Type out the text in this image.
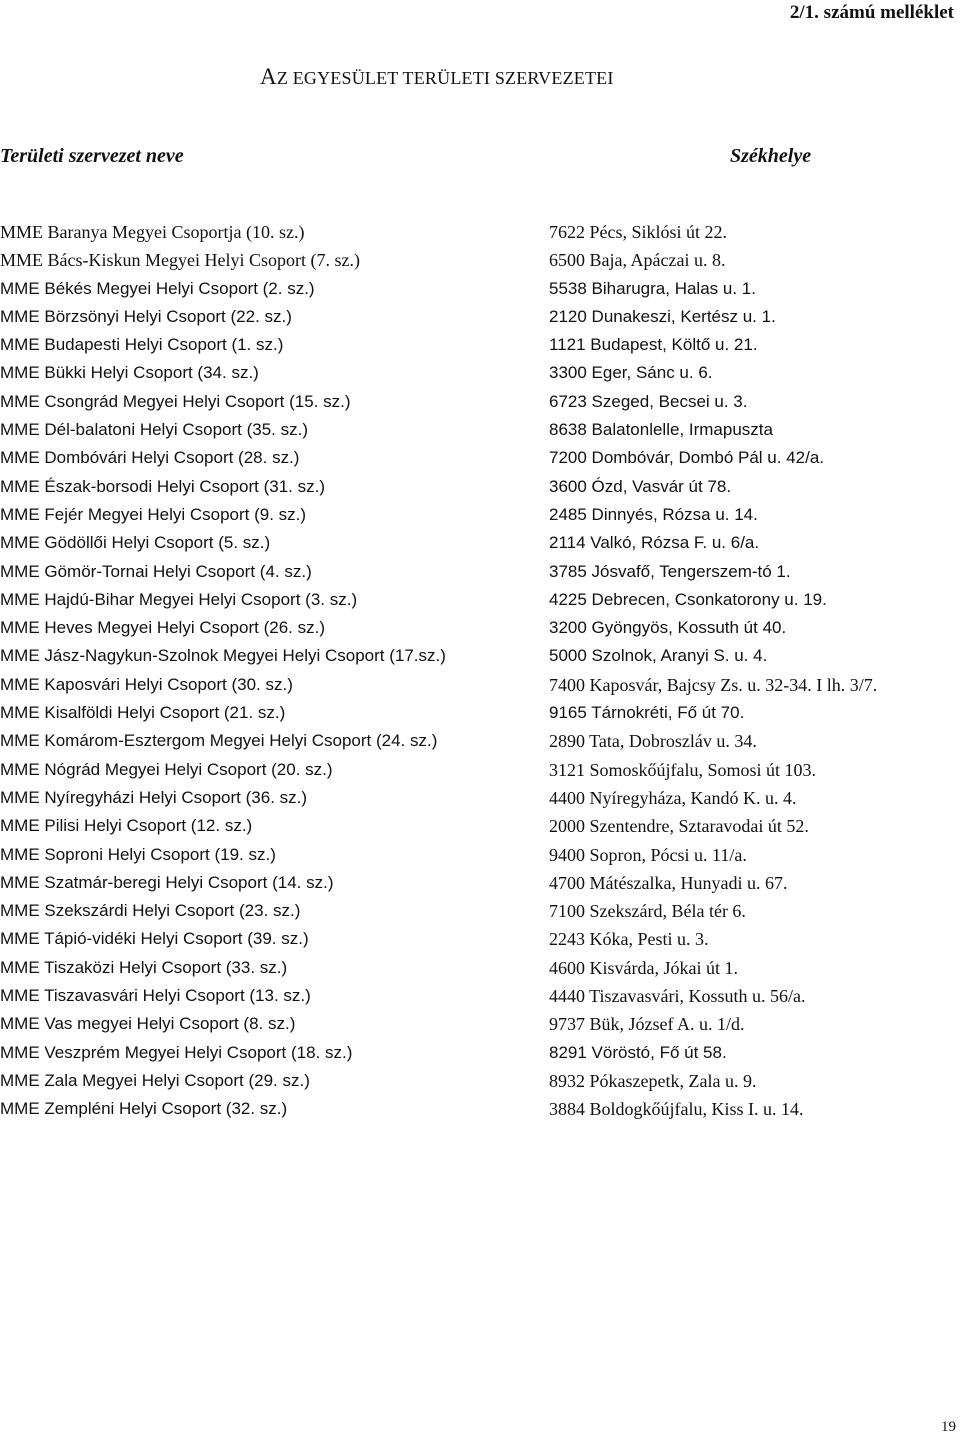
2/1. számú melléklet
AZ EGYESÜLET TERÜLETI SZERVEZETEI
Területi szervezet neve	Székhelye
MME Baranya Megyei Csoportja (10. sz.)	7622 Pécs, Siklósi út 22.
MME Bács-Kiskun Megyei Helyi Csoport (7. sz.)	6500 Baja, Apáczai u. 8.
MME Békés Megyei Helyi Csoport (2. sz.)	5538 Biharugra, Halas u. 1.
MME Börzsönyi Helyi Csoport (22. sz.)	2120 Dunakeszi, Kertész u. 1.
MME Budapesti Helyi Csoport (1. sz.)	1121 Budapest, Költő u. 21.
MME Bükki Helyi Csoport (34. sz.)	3300 Eger, Sánc u. 6.
MME Csongrád Megyei Helyi Csoport (15. sz.)	6723 Szeged, Becsei u. 3.
MME Dél-balatoni Helyi Csoport (35. sz.)	8638 Balatonlelle, Irmapuszta
MME Dombóvári Helyi Csoport (28. sz.)	7200 Dombóvár, Dombó Pál u. 42/a.
MME Észak-borsodi Helyi Csoport (31. sz.)	3600 Ózd, Vasvár út 78.
MME Fejér Megyei Helyi Csoport (9. sz.)	2485 Dinnyés, Rózsa u. 14.
MME Gödöllői Helyi Csoport (5. sz.)	2114 Valkó, Rózsa F. u. 6/a.
MME Gömör-Tornai Helyi Csoport (4. sz.)	3785 Jósvafő, Tengerszem-tó 1.
MME Hajdú-Bihar Megyei Helyi Csoport (3. sz.)	4225 Debrecen, Csonkatorony u. 19.
MME Heves Megyei Helyi Csoport (26. sz.)	3200 Gyöngyös, Kossuth út 40.
MME Jász-Nagykun-Szolnok Megyei Helyi Csoport (17.sz.)	5000 Szolnok, Aranyi S. u. 4.
MME Kaposvári Helyi Csoport (30. sz.)	7400 Kaposvár, Bajcsy Zs. u. 32-34. I lh. 3/7.
MME Kisalföldi Helyi Csoport (21. sz.)	9165 Tárnokréti, Fő út 70.
MME Komárom-Esztergom Megyei Helyi Csoport (24. sz.)	2890 Tata, Dobroszláv u. 34.
MME Nógrád Megyei Helyi Csoport (20. sz.)	3121 Somoskőújfalu, Somosi út 103.
MME Nyíregyházi Helyi Csoport (36. sz.)	4400 Nyíregyháza, Kandó K. u. 4.
MME Pilisi Helyi Csoport (12. sz.)	2000 Szentendre, Sztaravodai út 52.
MME Soproni Helyi Csoport (19. sz.)	9400 Sopron, Pócsi u. 11/a.
MME Szatmár-beregi Helyi Csoport (14. sz.)	4700 Mátészalka, Hunyadi u. 67.
MME Szekszárdi Helyi Csoport (23. sz.)	7100 Szekszárd, Béla tér 6.
MME Tápió-vidéki Helyi Csoport (39. sz.)	2243 Kóka, Pesti u. 3.
MME Tiszaközi Helyi Csoport (33. sz.)	4600 Kisvárda, Jókai út 1.
MME Tiszavasvári Helyi Csoport (13. sz.)	4440 Tiszavasvári, Kossuth u. 56/a.
MME Vas megyei Helyi Csoport (8. sz.)	9737 Bük, József A. u. 1/d.
MME Veszprém Megyei Helyi Csoport (18. sz.)	8291 Vöröstó, Fő út 58.
MME Zala Megyei Helyi Csoport (29. sz.)	8932 Pókaszepetk, Zala u. 9.
MME Zempléni Helyi Csoport (32. sz.)	3884 Boldogkőújfalu, Kiss I. u. 14.
19
